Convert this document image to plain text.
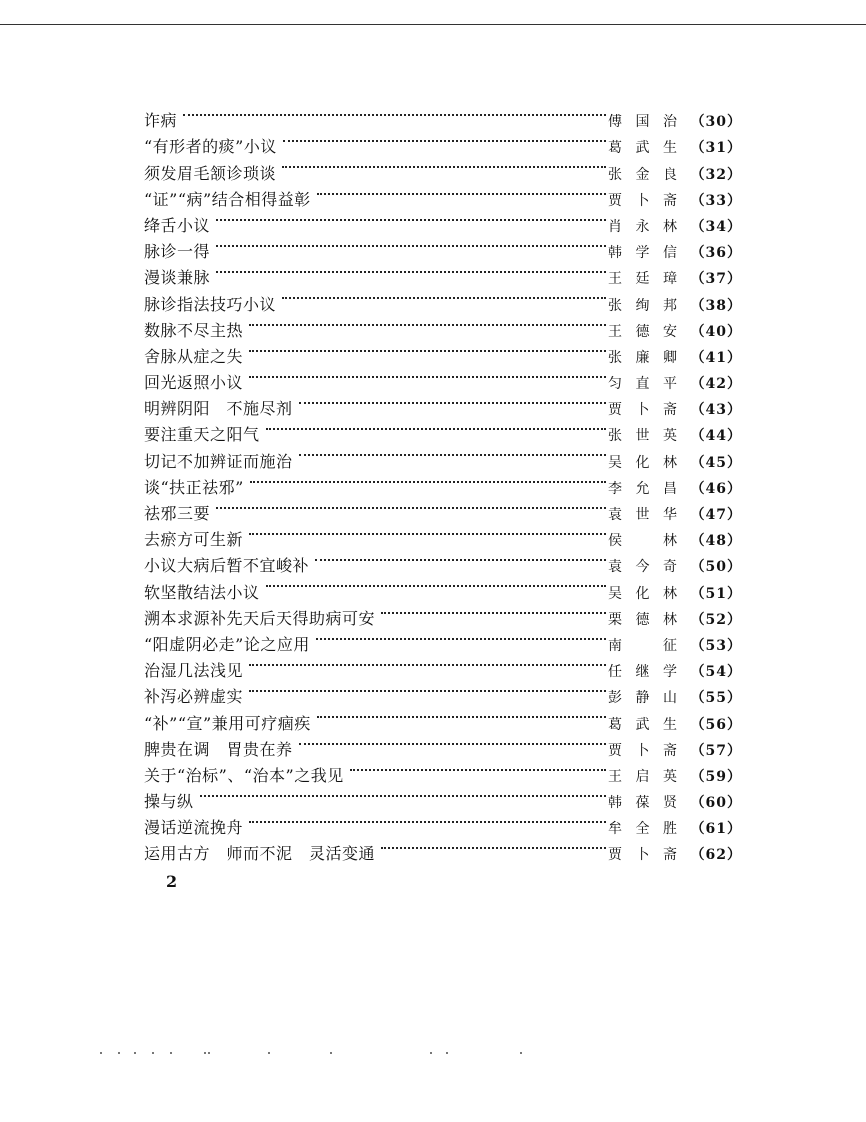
诈病	傅国治 （30）
“有形者的痰”小议	葛武生 （31）
须发眉毛颔诊琐谈	张金良 （32）
“证”“病”结合相得益彰	贾卜斋 （33）
绛舌小议	肖永林 （34）
脉诊一得	韩学信 （36）
漫谈兼脉	王廷璋 （37）
脉诊指法技巧小议	张绚邦 （38）
数脉不尽主热	王德安 （40）
舍脉从症之失	张廉卿 （41）
回光返照小议	匀直平 （42）
明辨阴阳　不施尽剂	贾卜斋 （43）
要注重天之阳气	张世英 （44）
切记不加辨证而施治	吴化林 （45）
谈“扶正祛邪”	李允昌 （46）
祛邪三要	袁世华 （47）
去瘀方可生新	侯　林 （48）
小议大病后暂不宜峻补	袁今奇 （50）
软坚散结法小议	吴化林 （51）
溯本求源补先天后天得助病可安	栗德林 （52）
“阳虚阴必走”论之应用	南　征 （53）
治湿几法浅见	任继学 （54）
补泻必辨虚实	彭静山 （55）
“补”“宣”兼用可疗痼疾	葛武生 （56）
脾贵在调　胃贵在养	贾卜斋 （57）
关于“治标”、“治本”之我见	王启英 （59）
操与纵	韩葆贤 （60）
漫话逆流挽舟	牟全胜 （61）
运用古方　师而不泥　灵活变通	贾卜斋 （62）
2
